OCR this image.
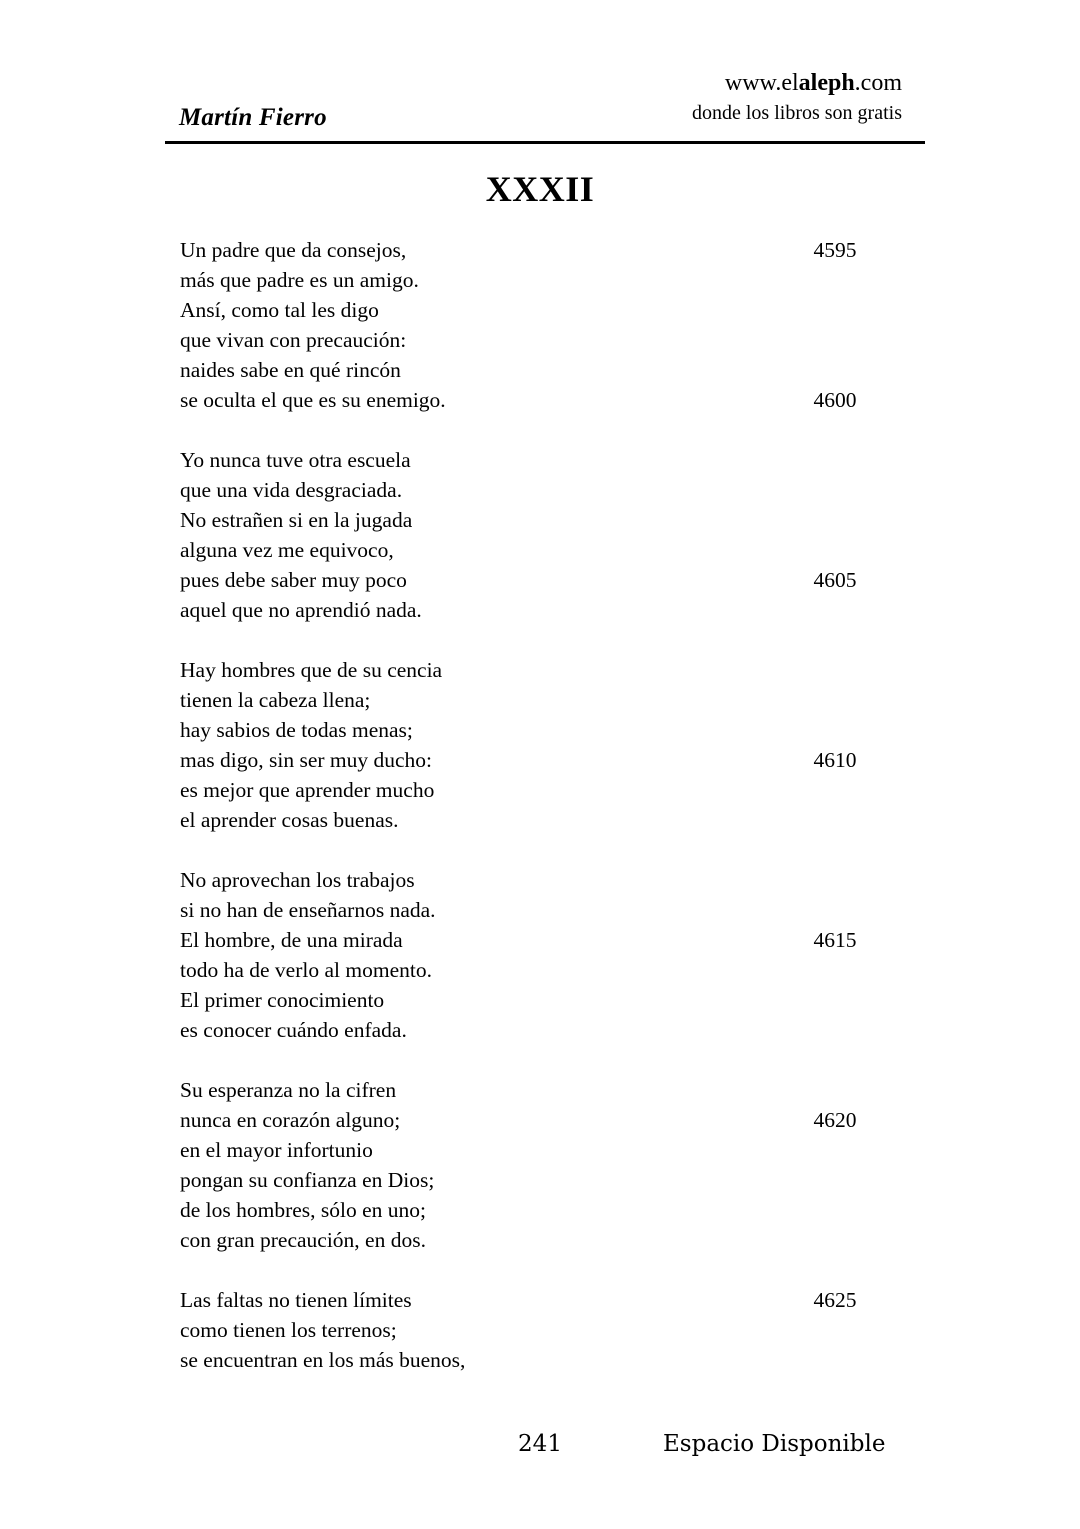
Martín Fierro
www.elaleph.com
donde los libros son gratis
XXXII
Un padre que da consejos,	4595
más que padre es un amigo.
Ansí, como tal les digo
que vivan con precaución:
naides sabe en qué rincón
se oculta el que es su enemigo.	4600
Yo nunca tuve otra escuela
que una vida desgraciada.
No estrañen si en la jugada
alguna vez me equivoco,
pues debe saber muy poco	4605
aquel que no aprendió nada.
Hay hombres que de su cencia
tienen la cabeza llena;
hay sabios de todas menas;
mas digo, sin ser muy ducho:	4610
es mejor que aprender mucho
el aprender cosas buenas.
No aprovechan los trabajos
si no han de enseñarnos nada.
El hombre, de una mirada	4615
todo ha de verlo al momento.
El primer conocimiento
es conocer cuándo enfada.
Su esperanza no la cifren
nunca en corazón alguno;	4620
en el mayor infortunio
pongan su confianza en Dios;
de los hombres, sólo en uno;
con gran precaución, en dos.
Las faltas no tienen límites	4625
como tienen los terrenos;
se encuentran en los más buenos,
241	Espacio Disponible
